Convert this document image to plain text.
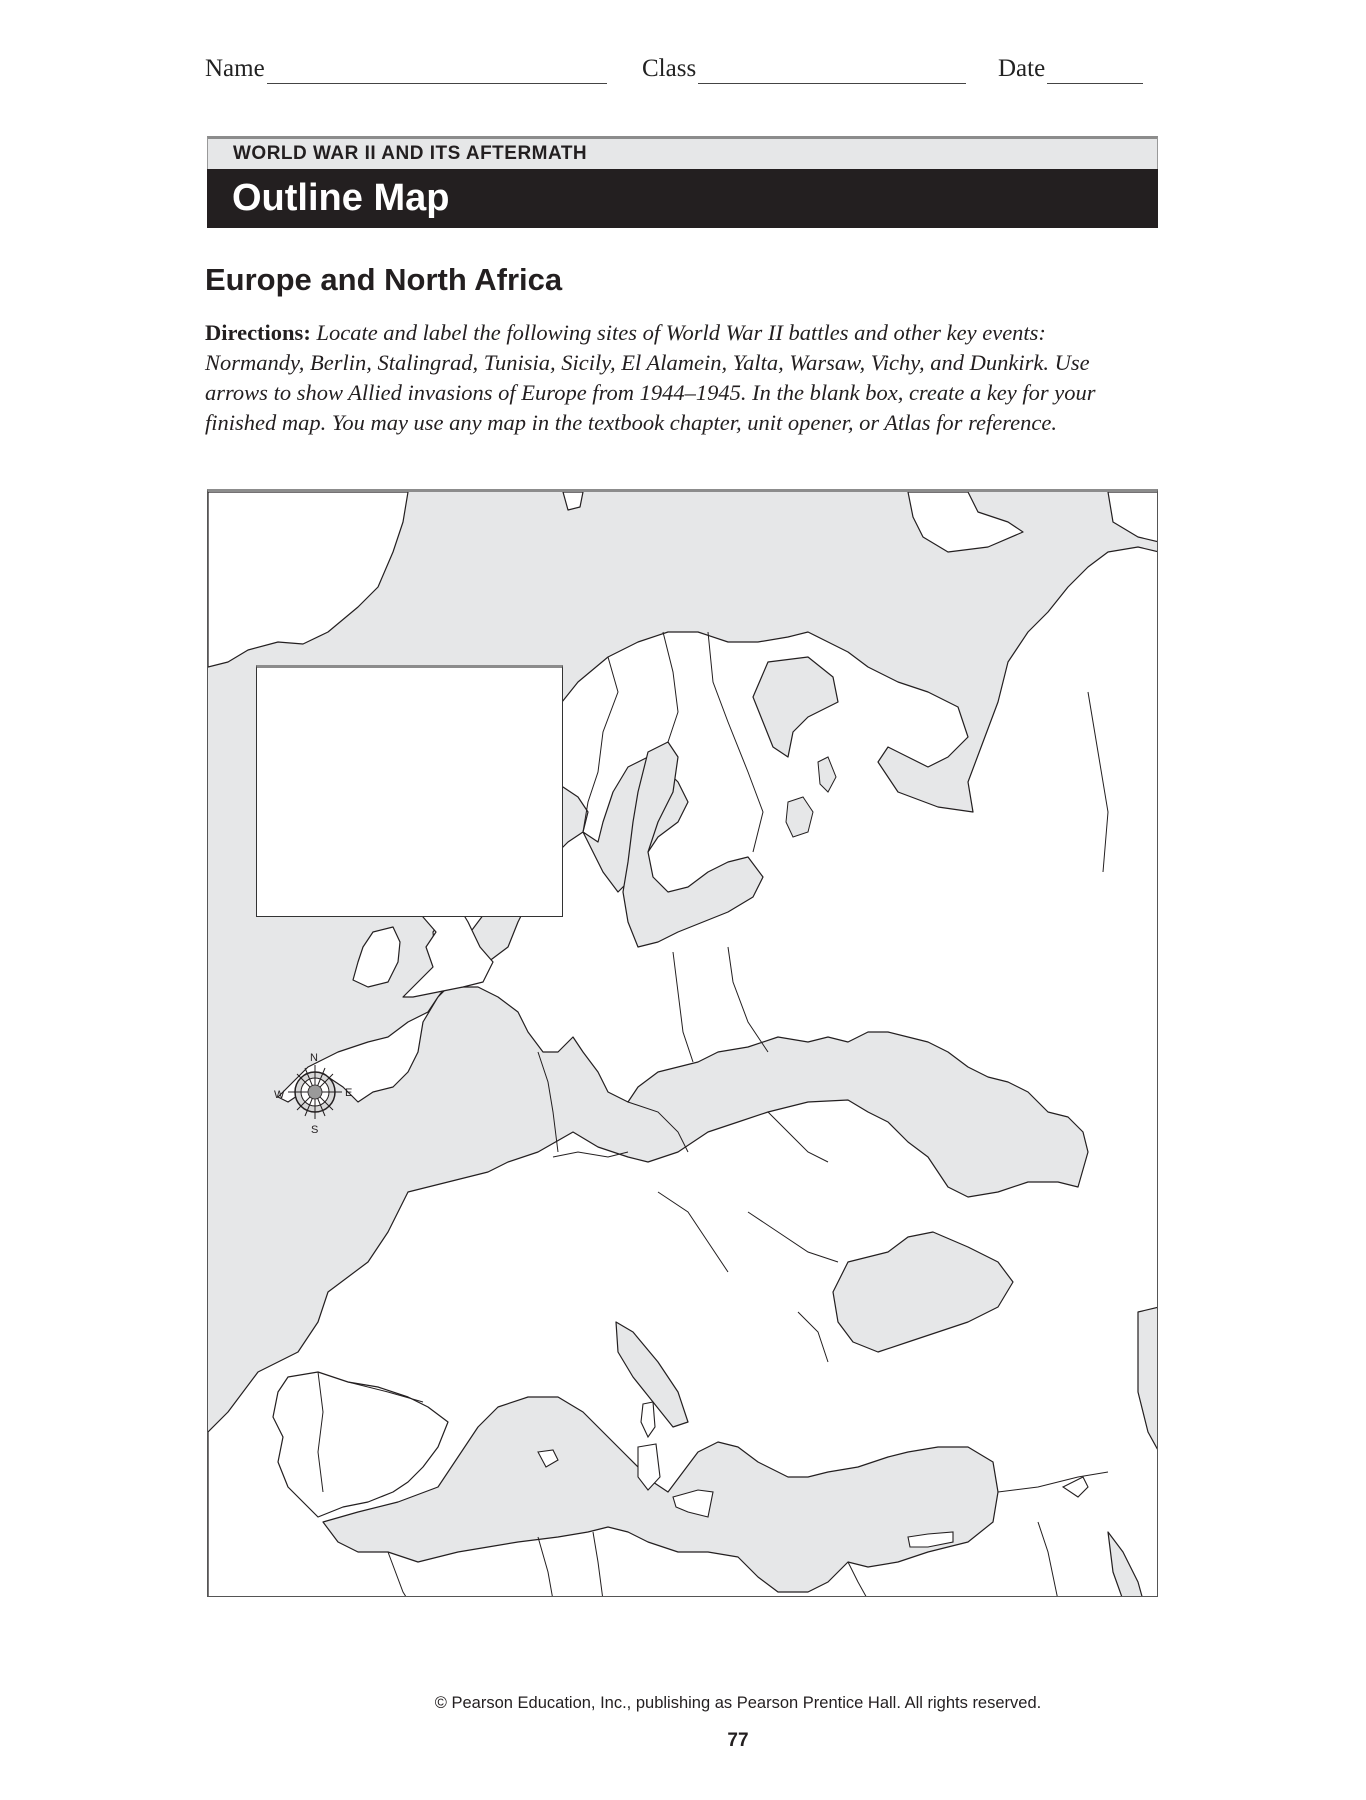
Name	Class	Date
WORLD WAR II AND ITS AFTERMATH
Outline Map
Europe and North Africa
Directions: Locate and label the following sites of World War II battles and other key events: Normandy, Berlin, Stalingrad, Tunisia, Sicily, El Alamein, Yalta, Warsaw, Vichy, and Dunkirk. Use arrows to show Allied invasions of Europe from 1944–1945. In the blank box, create a key for your finished map. You may use any map in the textbook chapter, unit opener, or Atlas for reference.
N
S
E
W
© Pearson Education, Inc., publishing as Pearson Prentice Hall. All rights reserved.
77
